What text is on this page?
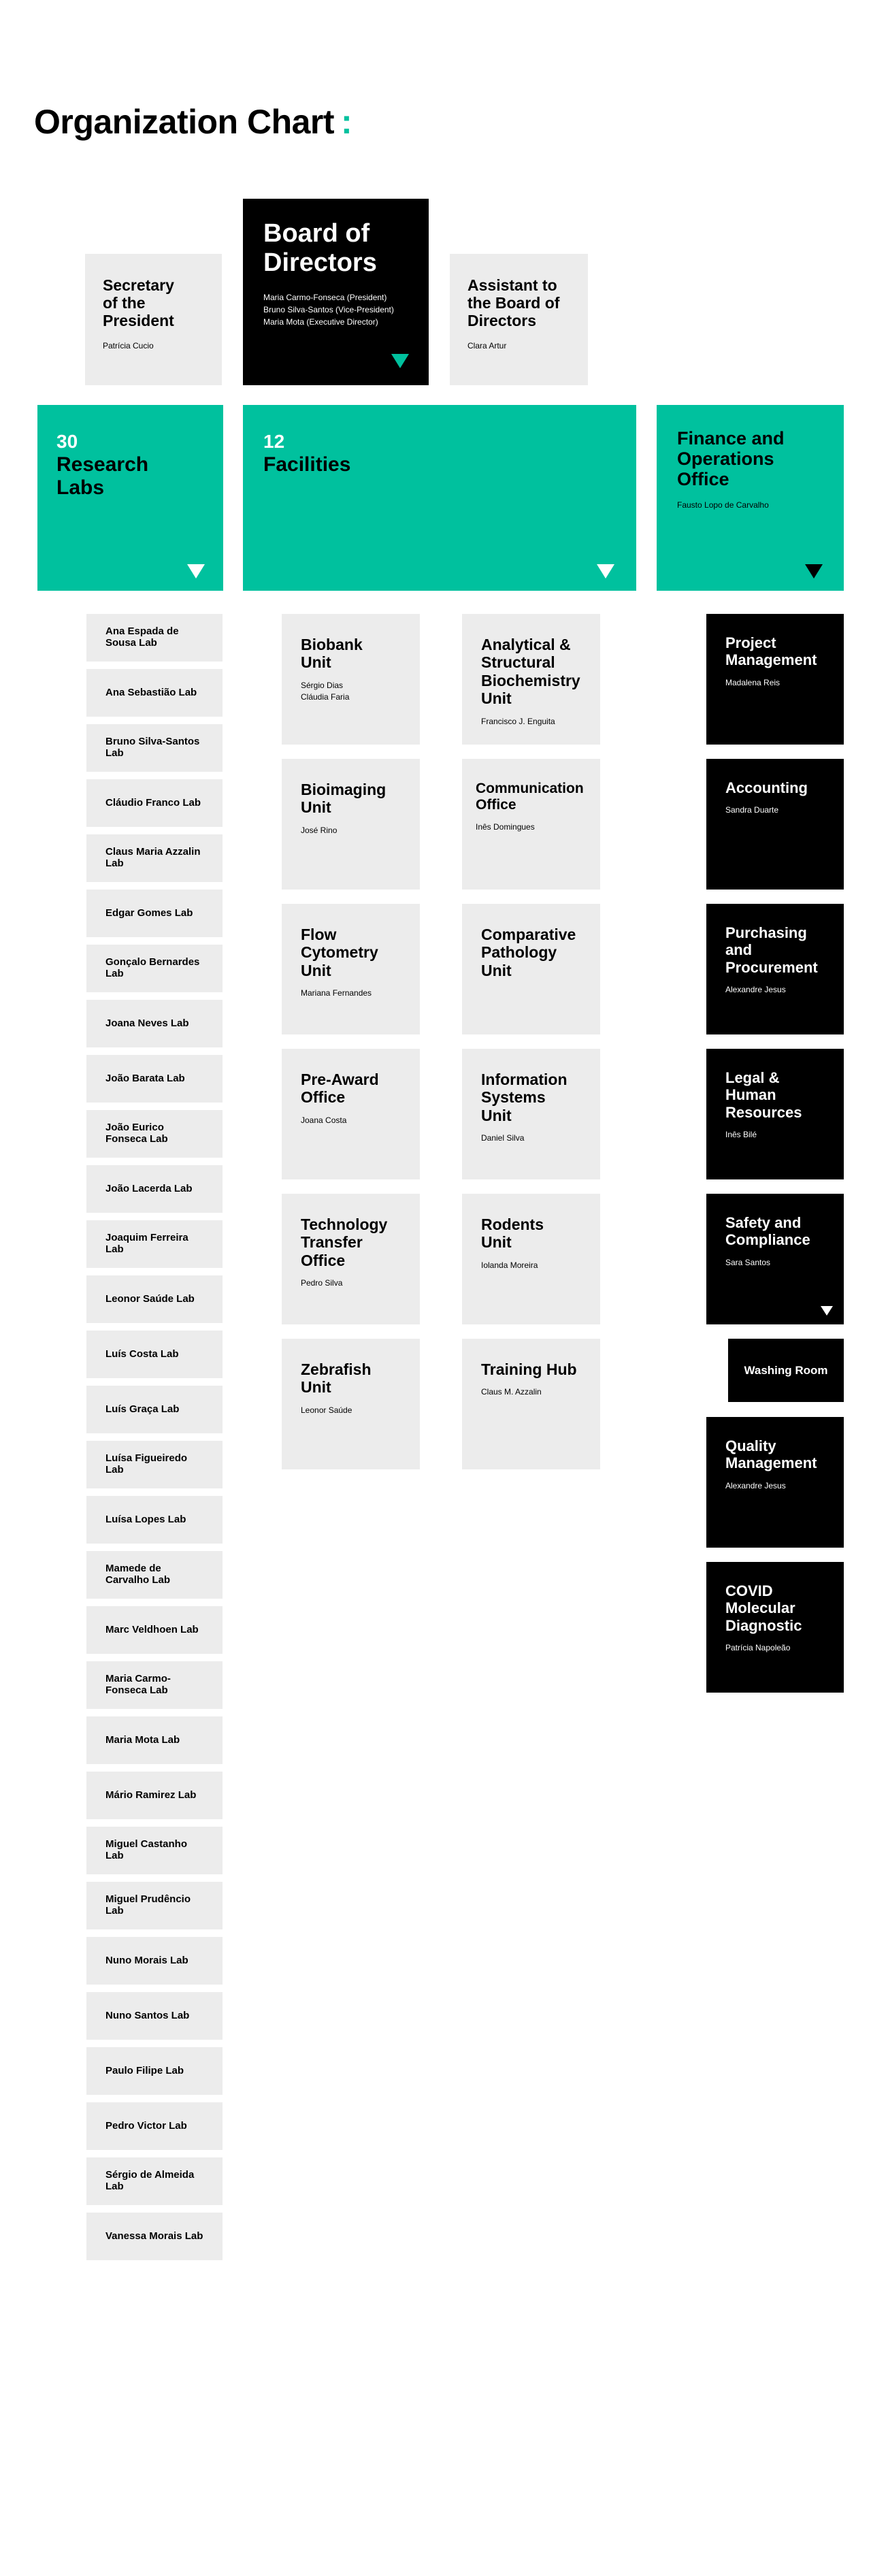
Organization Chart :
Secretary of the President
Patrícia Cucio
Board of Directors
Maria Carmo-Fonseca (President)
Bruno Silva-Santos (Vice-President)
Maria Mota (Executive Director)
Assistant to the Board of Directors
Clara Artur
30
Research Labs
12
Facilities
Finance and Operations Office
Fausto Lopo de Carvalho
Ana Espada de Sousa Lab
Ana Sebastião Lab
Bruno Silva-Santos Lab
Cláudio Franco Lab
Claus Maria Azzalin Lab
Edgar Gomes Lab
Gonçalo Bernardes Lab
Joana Neves Lab
João Barata Lab
João Eurico Fonseca Lab
João Lacerda Lab
Joaquim Ferreira Lab
Leonor Saúde Lab
Luís Costa Lab
Luís Graça Lab
Luísa Figueiredo Lab
Luísa Lopes Lab
Mamede de Carvalho Lab
Marc Veldhoen Lab
Maria Carmo-Fonseca Lab
Maria Mota Lab
Mário Ramirez Lab
Miguel Castanho Lab
Miguel Prudêncio Lab
Nuno Morais Lab
Nuno Santos Lab
Paulo Filipe Lab
Pedro Victor Lab
Sérgio de Almeida Lab
Vanessa Morais Lab
Biobank Unit
Sérgio Dias
Cláudia Faria
Analytical & Structural Biochemistry Unit
Francisco J. Enguita
Bioimaging Unit
José Rino
Communication Office
Inês Domingues
Flow Cytometry Unit
Mariana Fernandes
Comparative Pathology Unit
Pre-Award Office
Joana Costa
Information Systems Unit
Daniel Silva
Technology Transfer Office
Pedro Silva
Rodents Unit
Iolanda Moreira
Zebrafish Unit
Leonor Saúde
Training Hub
Claus M. Azzalin
Project Management
Madalena Reis
Accounting
Sandra Duarte
Purchasing and Procurement
Alexandre Jesus
Legal & Human Resources
Inês Bilé
Safety and Compliance
Sara Santos
Washing Room
Quality Management
Alexandre Jesus
COVID Molecular Diagnostic
Patrícia Napoleão
